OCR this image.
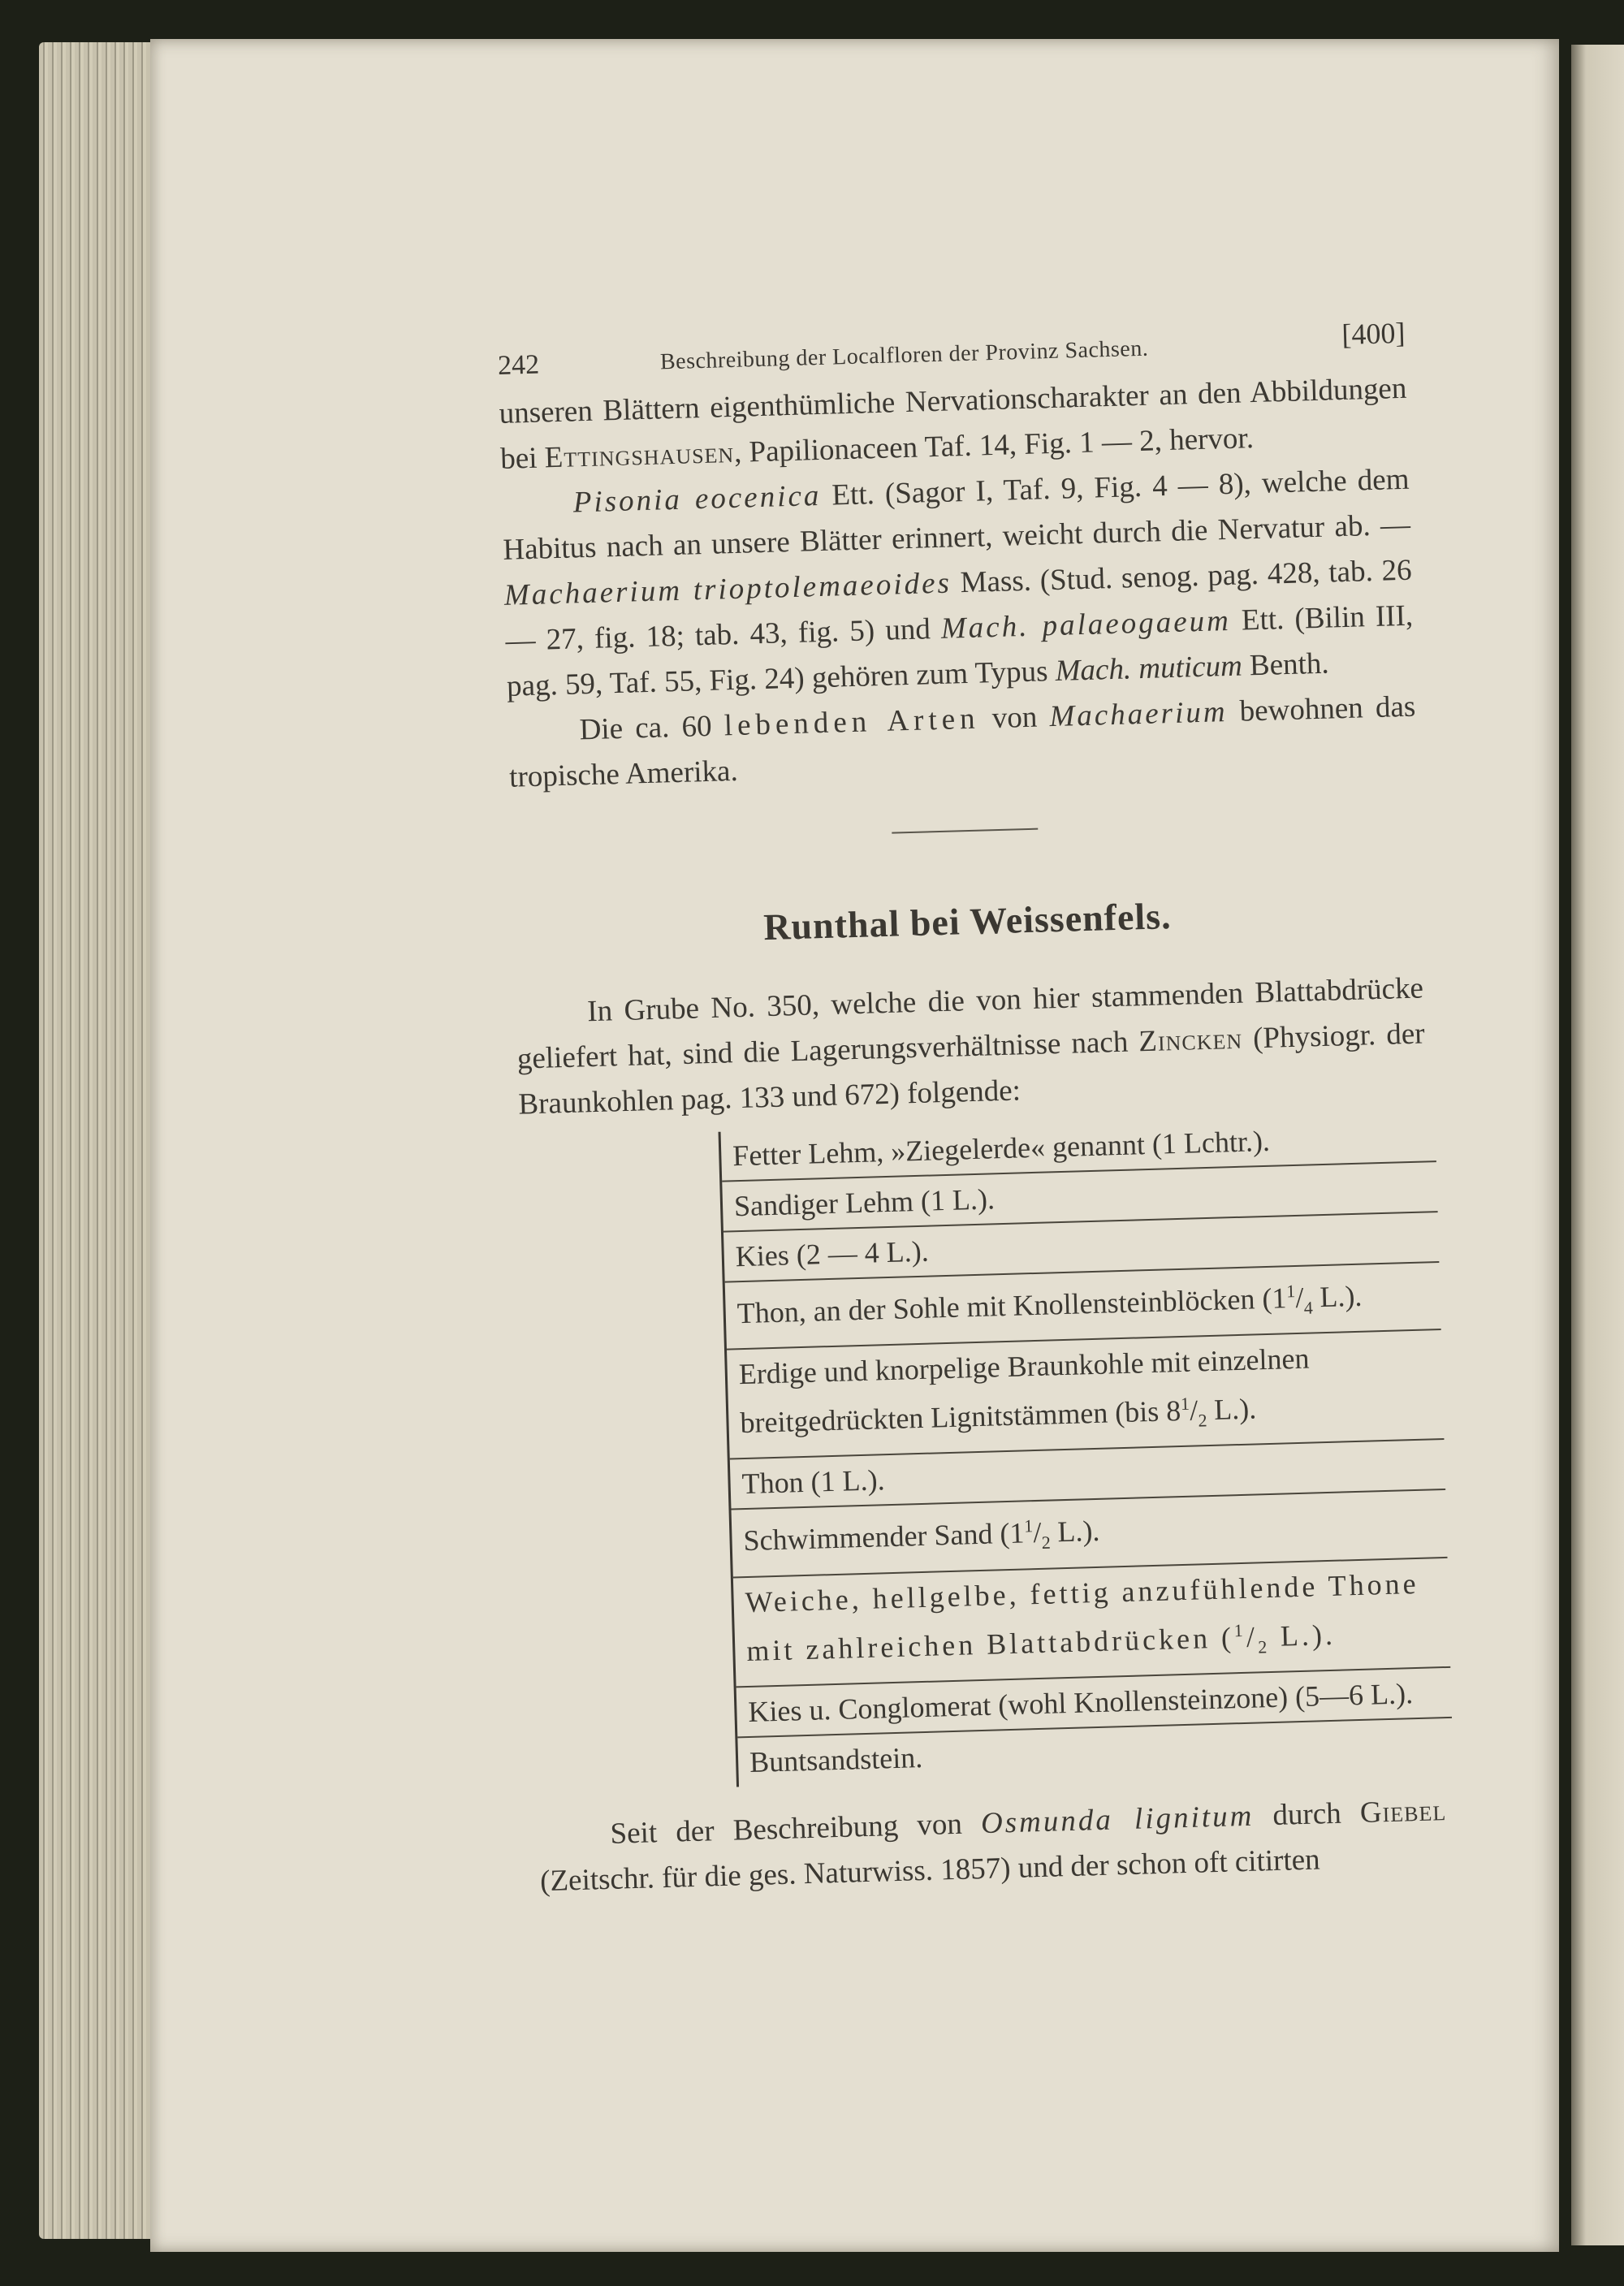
242	Beschreibung der Localfloren der Provinz Sachsen.
[400]

unseren Blättern eigenthümliche Nervationscharakter an den Abbildungen bei Ettingshausen, Papilionaceen Taf. 14, Fig. 1 — 2, hervor.

Pisonia eocenica Ett. (Sagor I, Taf. 9, Fig. 4 — 8), welche dem Habitus nach an unsere Blätter erinnert, weicht durch die Nervatur ab. — Machaerium trioptolemaeoides Mass. (Stud. senog. pag. 428, tab. 26 — 27, fig. 18; tab. 43, fig. 5) und Mach. palaeogaeum Ett. (Bilin III, pag. 59, Taf. 55, Fig. 24) gehören zum Typus Mach. muticum Benth.

Die ca. 60 lebenden Arten von Machaerium bewohnen das tropische Amerika.

Runthal bei Weissenfels.

In Grube No. 350, welche die von hier stammenden Blattabdrücke geliefert hat, sind die Lagerungsverhältnisse nach Zincken (Physiogr. der Braunkohlen pag. 133 und 672) folgende:

Fetter Lehm, »Ziegelerde« genannt (1 Lchtr.).
Sandiger Lehm (1 L.).
Kies (2 — 4 L.).
Thon, an der Sohle mit Knollensteinblöcken ($1^1/_4$ L.).
Erdige und knorpelige Braunkohle mit einzelnen breitgedrückten Lignitstämmen (bis $8^1/_2$ L.).
Thon (1 L.).
Schwimmender Sand ($1^1/_2$ L.).
Weiche, hellgelbe, fettig anzufühlende Thone mit zahlreichen Blattabdrücken ($^1/_2$ L.).
Kies u. Conglomerat (wohl Knollensteinzone) (5—6 L.).
Buntsandstein.

Seit der Beschreibung von Osmunda lignitum durch Giebel (Zeitschr. für die ges. Naturwiss. 1857) und der schon oft citirten
